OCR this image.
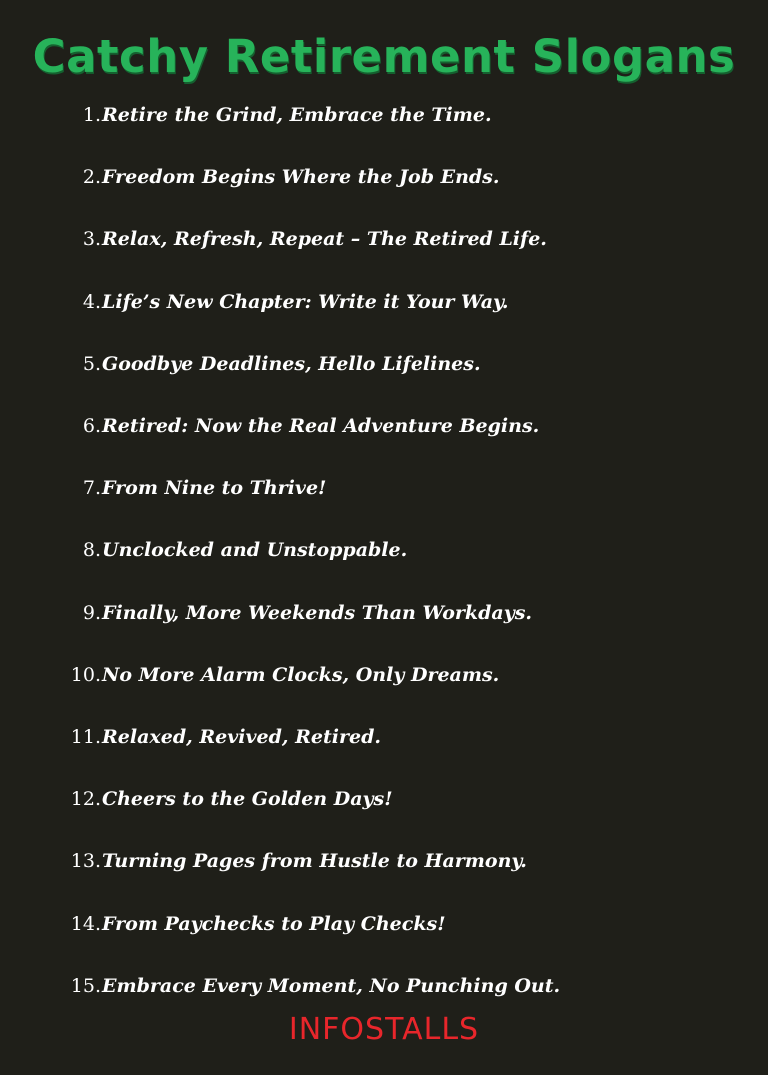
Catchy Retirement Slogans
1. Retire the Grind, Embrace the Time.
2. Freedom Begins Where the Job Ends.
3. Relax, Refresh, Repeat – The Retired Life.
4. Life’s New Chapter: Write it Your Way.
5. Goodbye Deadlines, Hello Lifelines.
6. Retired: Now the Real Adventure Begins.
7. From Nine to Thrive!
8. Unclocked and Unstoppable.
9. Finally, More Weekends Than Workdays.
10. No More Alarm Clocks, Only Dreams.
11. Relaxed, Revived, Retired.
12. Cheers to the Golden Days!
13. Turning Pages from Hustle to Harmony.
14. From Paychecks to Play Checks!
15. Embrace Every Moment, No Punching Out.
INFOSTALLS
